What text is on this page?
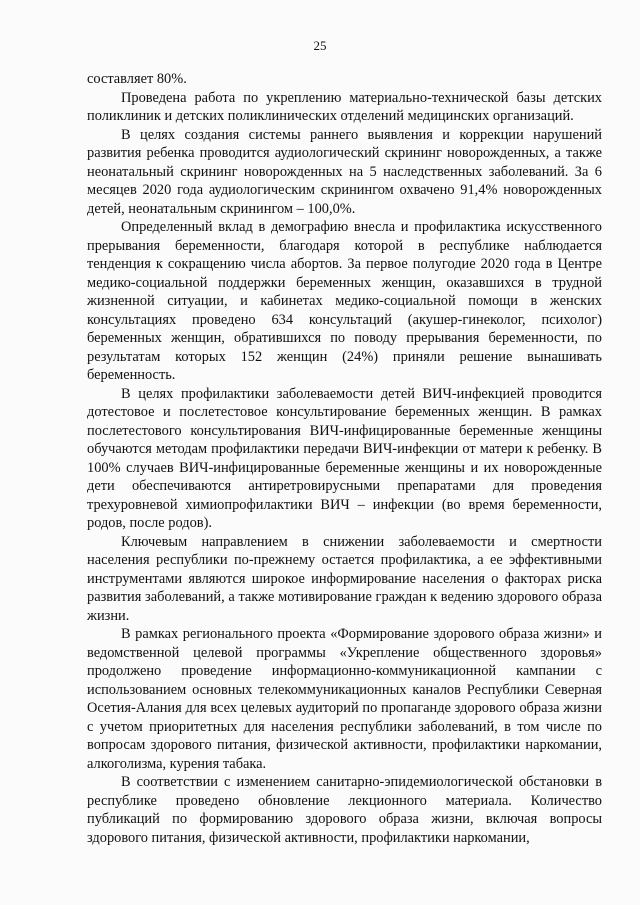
25

составляет 80%.

Проведена работа по укреплению материально-технической базы детских поликлиник и детских поликлинических отделений медицинских организаций.

В целях создания системы раннего выявления и коррекции нарушений развития ребенка проводится аудиологический скрининг новорожденных, а также неонатальный скрининг новорожденных на 5 наследственных заболеваний. За 6 месяцев 2020 года аудиологическим скринингом охвачено 91,4% новорожденных детей, неонатальным скринингом – 100,0%.

Определенный вклад в демографию внесла и профилактика искусственного прерывания беременности, благодаря которой в республике наблюдается тенденция к сокращению числа абортов. За первое полугодие 2020 года в Центре медико-социальной поддержки беременных женщин, оказавшихся в трудной жизненной ситуации, и кабинетах медико-социальной помощи в женских консультациях проведено 634 консультаций (акушер-гинеколог, психолог) беременных женщин, обратившихся по поводу прерывания беременности, по результатам которых 152 женщин (24%) приняли решение вынашивать беременность.

В целях профилактики заболеваемости детей ВИЧ-инфекцией проводится дотестовое и послетестовое консультирование беременных женщин. В рамках послетестового консультирования ВИЧ-инфицированные беременные женщины обучаются методам профилактики передачи ВИЧ-инфекции от матери к ребенку. В 100% случаев ВИЧ-инфицированные беременные женщины и их новорожденные дети обеспечиваются антиретровирусными препаратами для проведения трехуровневой химиопрофилактики ВИЧ – инфекции (во время беременности, родов, после родов).

Ключевым направлением в снижении заболеваемости и смертности населения республики по-прежнему остается профилактика, а ее эффективными инструментами являются широкое информирование населения о факторах риска развития заболеваний, а также мотивирование граждан к ведению здорового образа жизни.

В рамках регионального проекта «Формирование здорового образа жизни» и ведомственной целевой программы «Укрепление общественного здоровья» продолжено проведение информационно-коммуникационной кампании с использованием основных телекоммуникационных каналов Республики Северная Осетия-Алания для всех целевых аудиторий по пропаганде здорового образа жизни с учетом приоритетных для населения республики заболеваний, в том числе по вопросам здорового питания, физической активности, профилактики наркомании, алкоголизма, курения табака.

В соответствии с изменением санитарно-эпидемиологической обстановки в республике проведено обновление лекционного материала. Количество публикаций по формированию здорового образа жизни, включая вопросы здорового питания, физической активности, профилактики наркомании,
